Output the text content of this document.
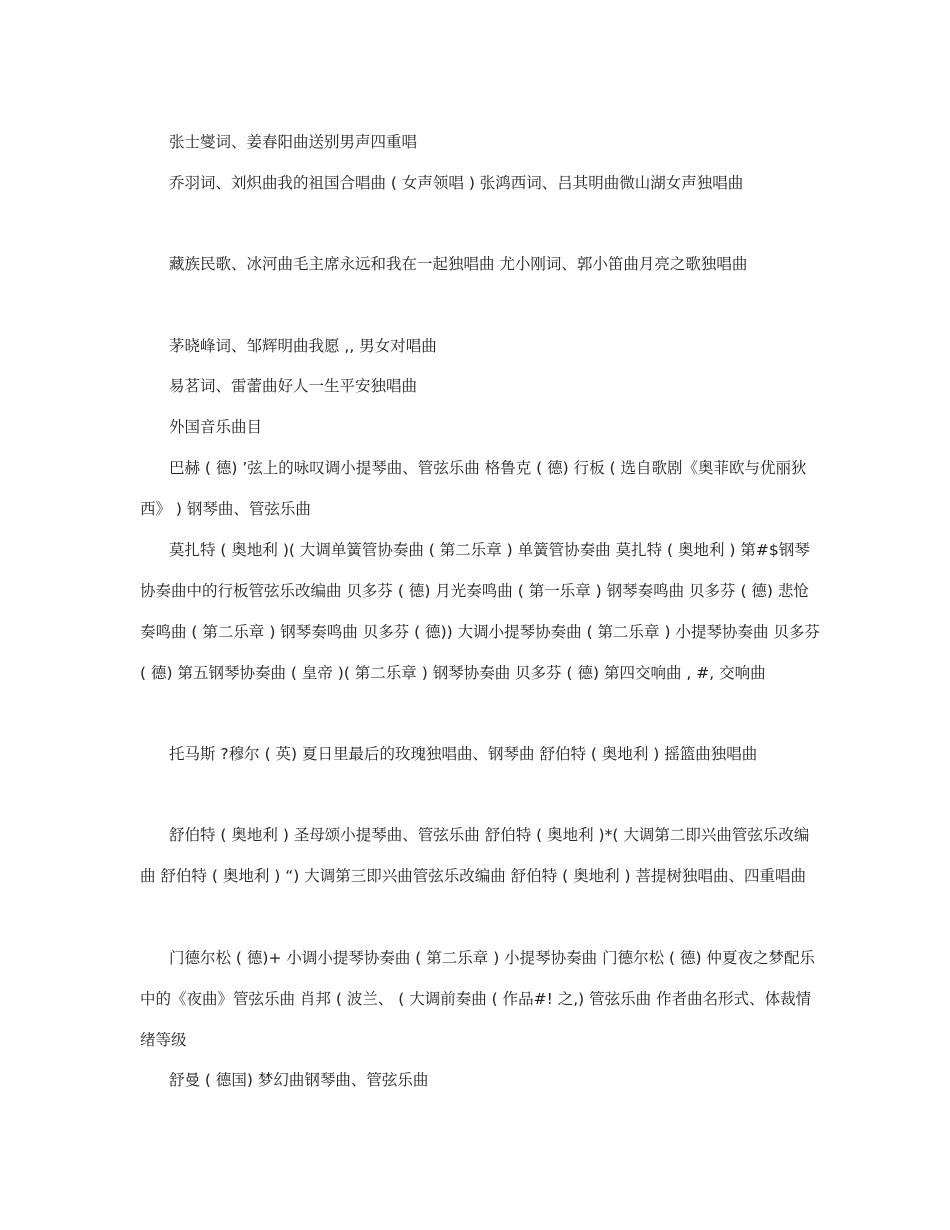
张士燮词、姜春阳曲送别男声四重唱

乔羽词、刘炽曲我的祖国合唱曲 ( 女声领唱 ) 张鸿西词、吕其明曲微山湖女声独唱曲

藏族民歌、冰河曲毛主席永远和我在一起独唱曲 尤小刚词、郭小笛曲月亮之歌独唱曲

茅晓峰词、邹辉明曲我愿 ,, 男女对唱曲

易茗词、雷蕾曲好人一生平安独唱曲

外国音乐曲目

巴赫 ( 德) ’弦上的咏叹调小提琴曲、管弦乐曲 格鲁克 ( 德) 行板 ( 选自歌剧《奥菲欧与优丽狄西》 ) 钢琴曲、管弦乐曲

莫扎特 ( 奥地利 )( 大调单簧管协奏曲 ( 第二乐章 ) 单簧管协奏曲 莫扎特 ( 奥地利 ) 第#$钢琴协奏曲中的行板管弦乐改编曲 贝多芬 ( 德) 月光奏鸣曲 ( 第一乐章 ) 钢琴奏鸣曲 贝多芬 ( 德) 悲怆奏鸣曲 ( 第二乐章 ) 钢琴奏鸣曲 贝多芬 ( 德)) 大调小提琴协奏曲 ( 第二乐章 ) 小提琴协奏曲 贝多芬 ( 德) 第五钢琴协奏曲 ( 皇帝 )( 第二乐章 ) 钢琴协奏曲 贝多芬 ( 德) 第四交响曲 , #, 交响曲

托马斯 ?穆尔 ( 英) 夏日里最后的玫瑰独唱曲、钢琴曲 舒伯特 ( 奥地利 ) 摇篮曲独唱曲

舒伯特 ( 奥地利 ) 圣母颂小提琴曲、管弦乐曲 舒伯特 ( 奥地利 )*( 大调第二即兴曲管弦乐改编曲 舒伯特 ( 奥地利 ) “) 大调第三即兴曲管弦乐改编曲 舒伯特 ( 奥地利 ) 菩提树独唱曲、四重唱曲

门德尔松 ( 德)+ 小调小提琴协奏曲 ( 第二乐章 ) 小提琴协奏曲 门德尔松 ( 德) 仲夏夜之梦配乐中的《夜曲》管弦乐曲 肖邦 ( 波兰、 ( 大调前奏曲 ( 作品#! 之,) 管弦乐曲 作者曲名形式、体裁情绪等级

舒曼 ( 德国) 梦幻曲钢琴曲、管弦乐曲
